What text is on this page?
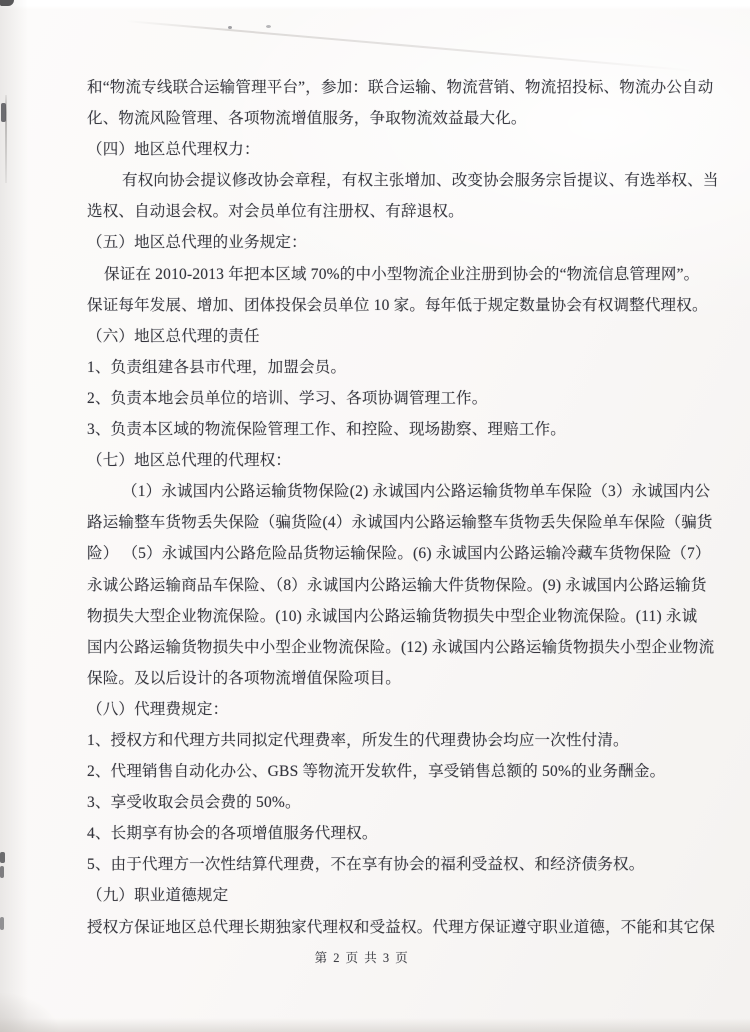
和“物流专线联合运输管理平台”，参加：联合运输、物流营销、物流招投标、物流办公自动
化、物流风险管理、各项物流增值服务，争取物流效益最大化。
（四）地区总代理权力：
有权向协会提议修改协会章程，有权主张增加、改变协会服务宗旨提议、有选举权、当
选权、自动退会权。对会员单位有注册权、有辞退权。
（五）地区总代理的业务规定：
保证在 2010-2013 年把本区域 70%的中小型物流企业注册到协会的“物流信息管理网”。
保证每年发展、增加、团体投保会员单位 10 家。每年低于规定数量协会有权调整代理权。
（六）地区总代理的责任
1、负责组建各县市代理，加盟会员。
2、负责本地会员单位的培训、学习、各项协调管理工作。
3、负责本区域的物流保险管理工作、和控险、现场勘察、理赔工作。
（七）地区总代理的代理权：
（1）永诚国内公路运输货物保险(2) 永诚国内公路运输货物单车保险（3）永诚国内公
路运输整车货物丢失保险（骗货险(4）永诚国内公路运输整车货物丢失保险单车保险（骗货
险） （5）永诚国内公路危险品货物运输保险。(6) 永诚国内公路运输冷藏车货物保险（7）
永诚公路运输商品车保险、（8）永诚国内公路运输大件货物保险。(9) 永诚国内公路运输货
物损失大型企业物流保险。(10) 永诚国内公路运输货物损失中型企业物流保险。(11) 永诚
国内公路运输货物损失中小型企业物流保险。(12) 永诚国内公路运输货物损失小型企业物流
保险。及以后设计的各项物流增值保险项目。
（八）代理费规定：
1、授权方和代理方共同拟定代理费率，所发生的代理费协会均应一次性付清。
2、代理销售自动化办公、GBS 等物流开发软件，享受销售总额的 50%的业务酬金。
3、享受收取会员会费的 50%。
4、长期享有协会的各项增值服务代理权。
5、由于代理方一次性结算代理费，不在享有协会的福利受益权、和经济债务权。
（九）职业道德规定
授权方保证地区总代理长期独家代理权和受益权。代理方保证遵守职业道德，不能和其它保
第 2 页 共 3 页
